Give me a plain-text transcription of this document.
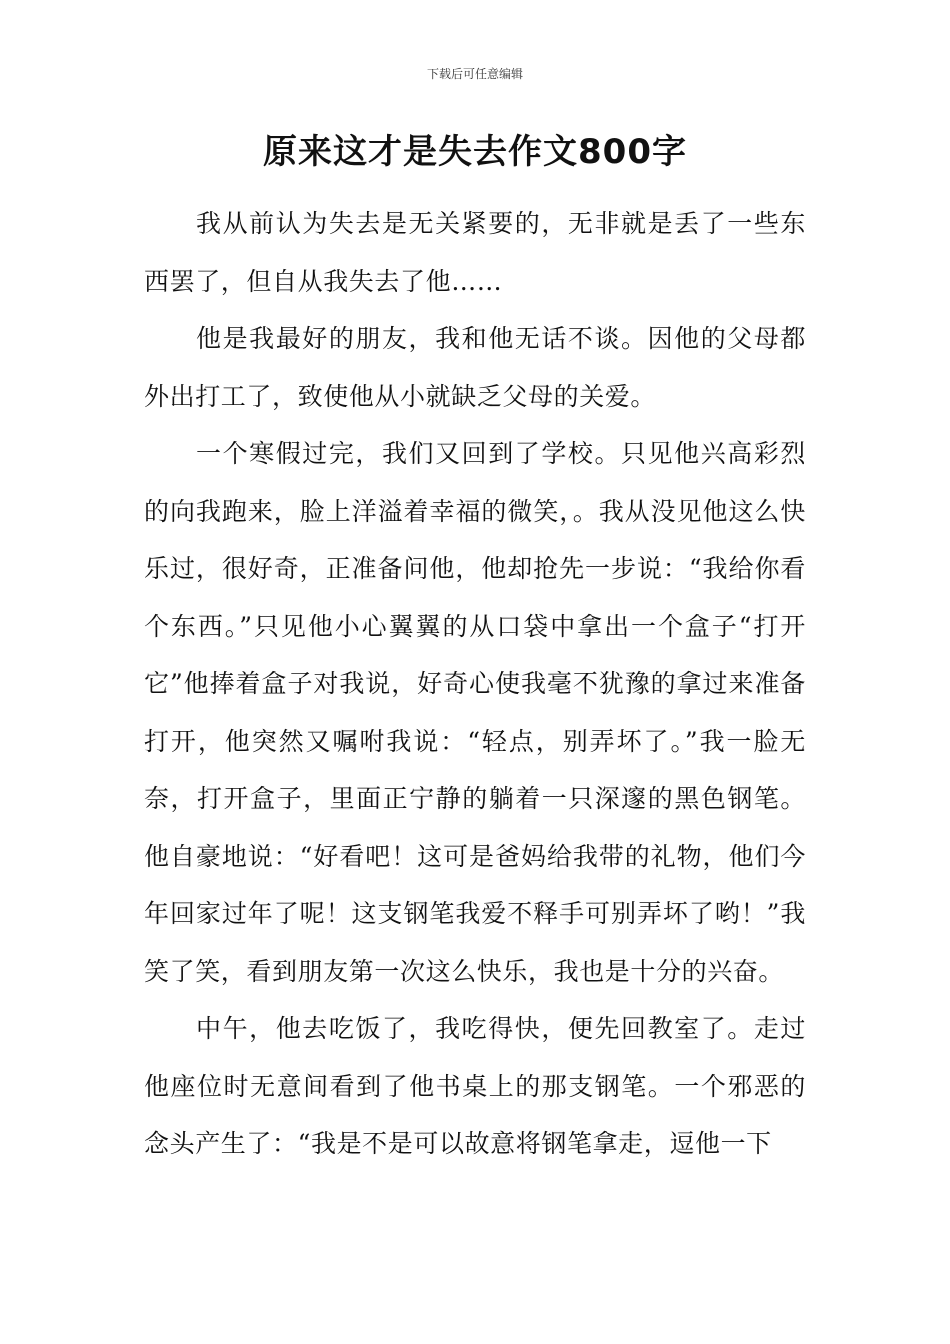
下载后可任意编辑
原来这才是失去作文800字

我从前认为失去是无关紧要的，无非就是丢了一些东西罢了，但自从我失去了他……

他是我最好的朋友，我和他无话不谈。因他的父母都外出打工了，致使他从小就缺乏父母的关爱。

一个寒假过完，我们又回到了学校。只见他兴高彩烈的向我跑来，脸上洋溢着幸福的微笑，。我从没见他这么快乐过，很好奇，正准备问他，他却抢先一步说：“我给你看个东西。”只见他小心翼翼的从口袋中拿出一个盒子“打开它”他捧着盒子对我说，好奇心使我毫不犹豫的拿过来准备打开，他突然又嘱咐我说：“轻点，别弄坏了。”我一脸无奈，打开盒子，里面正宁静的躺着一只深邃的黑色钢笔。他自豪地说：“好看吧！这可是爸妈给我带的礼物，他们今年回家过年了呢！这支钢笔我爱不释手可别弄坏了哟！”我笑了笑，看到朋友第一次这么快乐，我也是十分的兴奋。

中午，他去吃饭了，我吃得快，便先回教室了。走过他座位时无意间看到了他书桌上的那支钢笔。一个邪恶的念头产生了：“我是不是可以故意将钢笔拿走，逗他一下
